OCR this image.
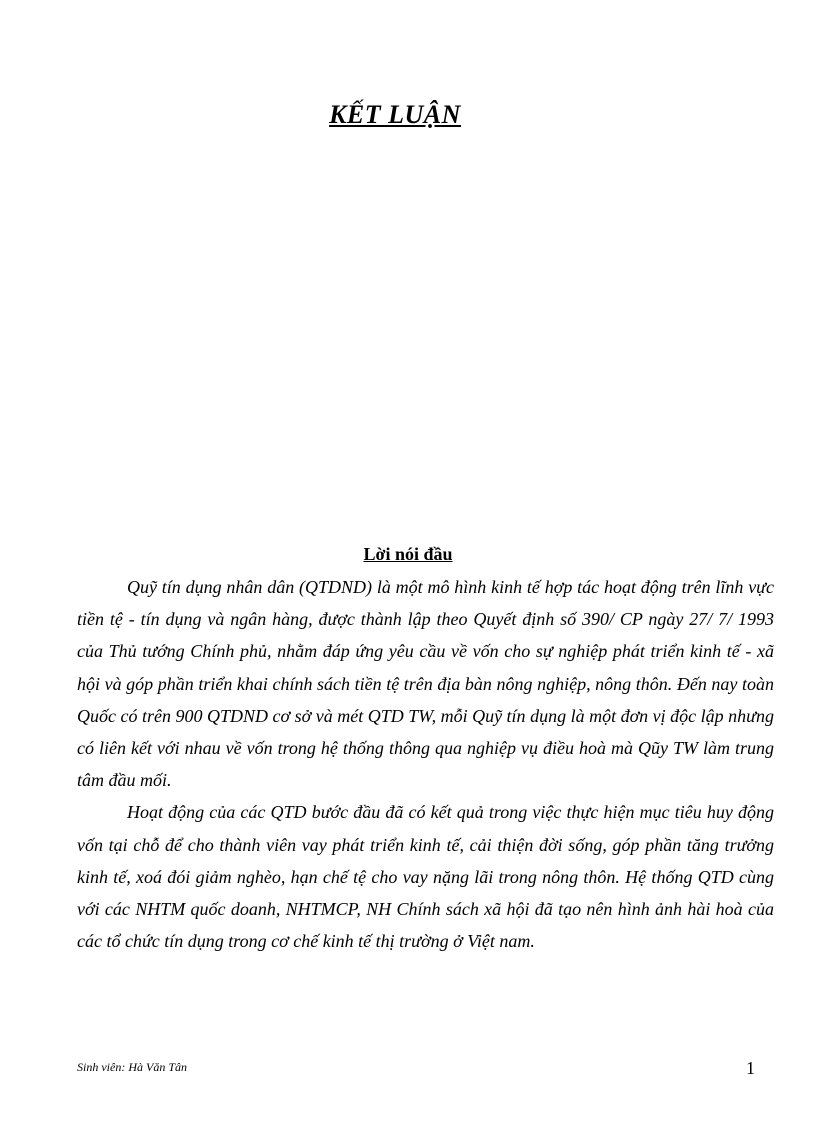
KẾT LUẬN
Lời nói đầu

Quỹ tín dụng nhân dân (QTDND) là một mô hình kinh tế hợp tác hoạt động trên lĩnh vực tiền tệ - tín dụng và ngân hàng, được thành lập theo Quyết định số 390/ CP ngày 27/ 7/ 1993 của Thủ tướng Chính phủ, nhằm đáp ứng yêu cầu về vốn cho sự nghiệp phát triển kinh tế - xã hội và góp phần triển khai chính sách tiền tệ trên địa bàn nông nghiệp, nông thôn. Đến nay toàn Quốc có trên 900 QTDND cơ sở và mét QTD TW, mỗi Quỹ tín dụng là một đơn vị độc lập nhưng có liên kết với nhau về vốn trong hệ thống thông qua nghiệp vụ điều hoà mà Qũy TW làm trung tâm đầu mối.

Hoạt động của các QTD bước đầu đã có kết quả trong việc thực hiện mục tiêu huy động vốn tại chỗ để cho thành viên vay phát triển kinh tế, cải thiện đời sống, góp phần tăng trưởng kinh tế, xoá đói giảm nghèo, hạn chế tệ cho vay nặng lãi trong nông thôn. Hệ thống QTD cùng với các NHTM quốc doanh, NHTMCP, NH Chính sách xã hội đã tạo nên hình ảnh hài hoà của các tổ chức tín dụng trong cơ chế kinh tế thị trường ở Việt nam.

Sinh viên: Hà Văn Tân	1
